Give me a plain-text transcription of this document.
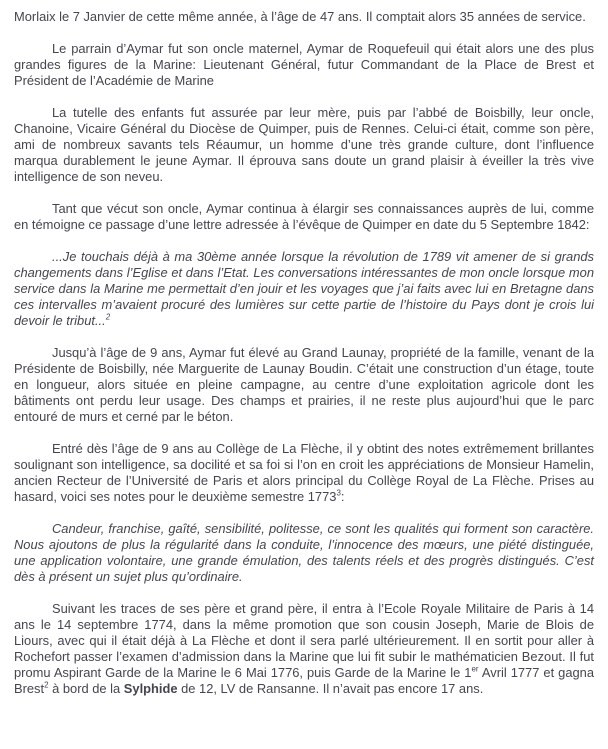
Morlaix le 7 Janvier de cette même année, à l’âge de 47 ans. Il comptait alors 35 années de service.

Le parrain d’Aymar fut son oncle maternel, Aymar de Roquefeuil qui était alors une des plus grandes figures de la Marine: Lieutenant Général, futur Commandant de la Place de Brest et Président de l’Académie de Marine

La tutelle des enfants fut assurée par leur mère, puis par l’abbé de Boisbilly, leur oncle, Chanoine, Vicaire Général du Diocèse de Quimper, puis de Rennes. Celui-ci était, comme son père, ami de nombreux savants tels Réaumur, un homme d’une très grande culture, dont l’influence marqua durablement le jeune Aymar. Il éprouva sans doute un grand plaisir à éveiller la très vive intelligence de son neveu.

Tant que vécut son oncle, Aymar continua à élargir ses connaissances auprès de lui, comme en témoigne ce passage d’une lettre adressée à l’évêque de Quimper en date du 5 Septembre 1842:

...Je touchais déjà à ma 30ème année lorsque la révolution de 1789 vit amener de si grands changements dans l’Eglise et dans l’Etat. Les conversations intéressantes de mon oncle lorsque mon service dans la Marine me permettait d’en jouir et les voyages que j’ai faits avec lui en Bretagne dans ces intervalles m’avaient procuré des lumières sur cette partie de l’histoire du Pays dont je crois lui devoir le tribut...$^2$

Jusqu’à l’âge de 9 ans, Aymar fut élevé au Grand Launay, propriété de la famille, venant de la Présidente de Boisbilly, née Marguerite de Launay Boudin. C’était une construction d’un étage, toute en longueur, alors située en pleine campagne, au centre d’une exploitation agricole dont les bâtiments ont perdu leur usage. Des champs et prairies, il ne reste plus aujourd’hui que le parc entouré de murs et cerné par le béton.

Entré dès l’âge de 9 ans au Collège de La Flèche, il y obtint des notes extrêmement brillantes soulignant son intelligence, sa docilité et sa foi si l’on en croit les appréciations de Monsieur Hamelin, ancien Recteur de l’Université de Paris et alors principal du Collège Royal de La Flèche. Prises au hasard, voici ses notes pour le deuxième semestre 1773$^3$:

Candeur, franchise, gaîté, sensibilité, politesse, ce sont les qualités qui forment son caractère. Nous ajoutons de plus la régularité dans la conduite, l’innocence des mœurs, une piété distinguée, une application volontaire, une grande émulation, des talents réels et des progrès distingués. C’est dès à présent un sujet plus qu’ordinaire.

Suivant les traces de ses père et grand père, il entra à l’Ecole Royale Militaire de Paris à 14 ans le 14 septembre 1774, dans la même promotion que son cousin Joseph, Marie de Blois de Liours, avec qui il était déjà à La Flèche et dont il sera parlé ultérieurement. Il en sortit pour aller à Rochefort passer l’examen d’admission dans la Marine que lui fit subir le mathématicien Bezout. Il fut promu Aspirant Garde de la Marine le 6 Mai 1776, puis Garde de la Marine le 1er Avril 1777 et gagna Brest$^2$ à bord de la Sylphide de 12, LV de Ransanne. Il n’avait pas encore 17 ans.
